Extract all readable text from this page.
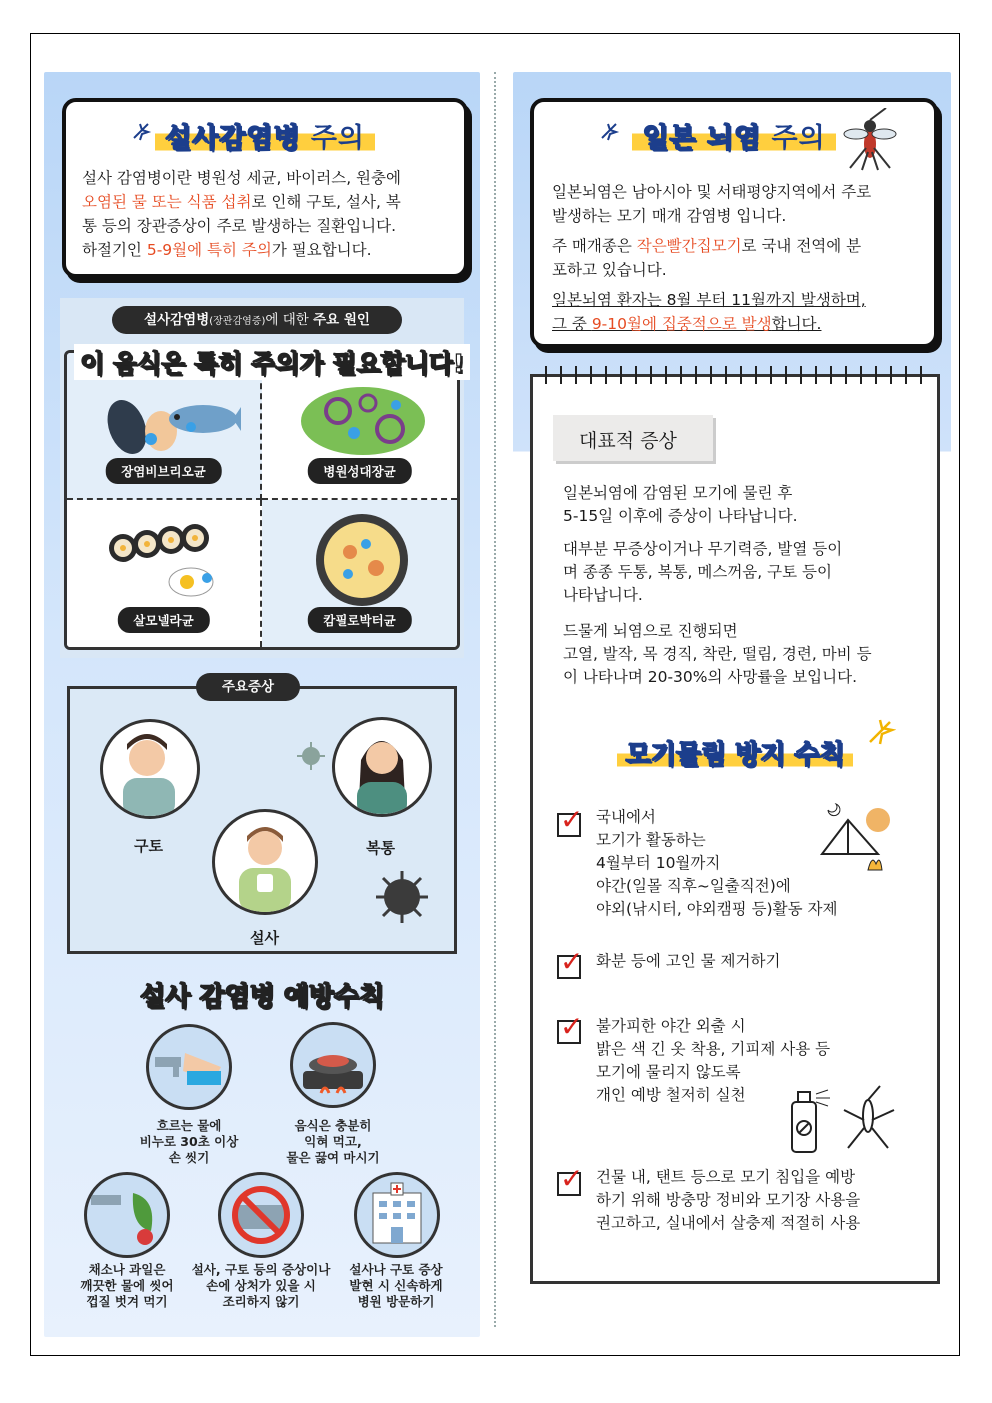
설사감염병 주의
설사 감염병이란 병원성 세균, 바이러스, 원충에
오염된 물 또는 식품 섭취로 인해 구토, 설사, 복
통 등의 장관증상이 주로 발생하는 질환입니다.
하절기인 5-9월에 특히 주의가 필요합니다.
설사감염병(장관감염증)에 대한 주요 원인
장염비브리오균	병원성대장균
살모넬라균	캄필로박터균
이 음식은 특히 주의가 필요합니다!
구토	복통
설사
주요증상
설사 감염병 예방수칙
흐르는 물에
비누로 30초 이상
손 씻기
음식은 충분히
익혀 먹고,
물은 끓여 마시기
채소나 과일은
깨끗한 물에 씻어
껍질 벗겨 먹기
설사, 구토 등의 증상이나
손에 상처가 있을 시
조리하지 않기
설사나 구토 증상
발현 시 신속하게
병원 방문하기
일본 뇌염 주의
일본뇌염은 남아시아 및 서태평양지역에서 주로
발생하는 모기 매개 감염병 입니다.
주 매개종은 작은빨간집모기로 국내 전역에 분
포하고 있습니다.
일본뇌염 환자는 8월 부터 11월까지 발생하며,
그 중 9-10월에 집중적으로 발생합니다.
대표적 증상
일본뇌염에 감염된 모기에 물린 후
5-15일 이후에 증상이 나타납니다.
대부분 무증상이거나 무기력증, 발열 등이
며 종종 두통, 복통, 메스꺼움, 구토 등이
나타납니다.
드물게 뇌염으로 진행되면
고열, 발작, 목 경직, 착란, 떨림, 경련, 마비 등
이 나타나며 20-30%의 사망률을 보입니다.
모기물림 방지 수칙
✓
국내에서
모기가 활동하는
4월부터 10월까지
야간(일몰 직후~일출직전)에
야외(낚시터, 야외캠핑 등)활동 자제
✓
화분 등에 고인 물 제거하기
✓
불가피한 야간 외출 시
밝은 색 긴 옷 착용, 기피제 사용 등
모기에 물리지 않도록
개인 예방 철저히 실천
✓
건물 내, 탠트 등으로 모기 침입을 예방
하기 위해 방충망 정비와 모기장 사용을
권고하고, 실내에서 살충제 적절히 사용
